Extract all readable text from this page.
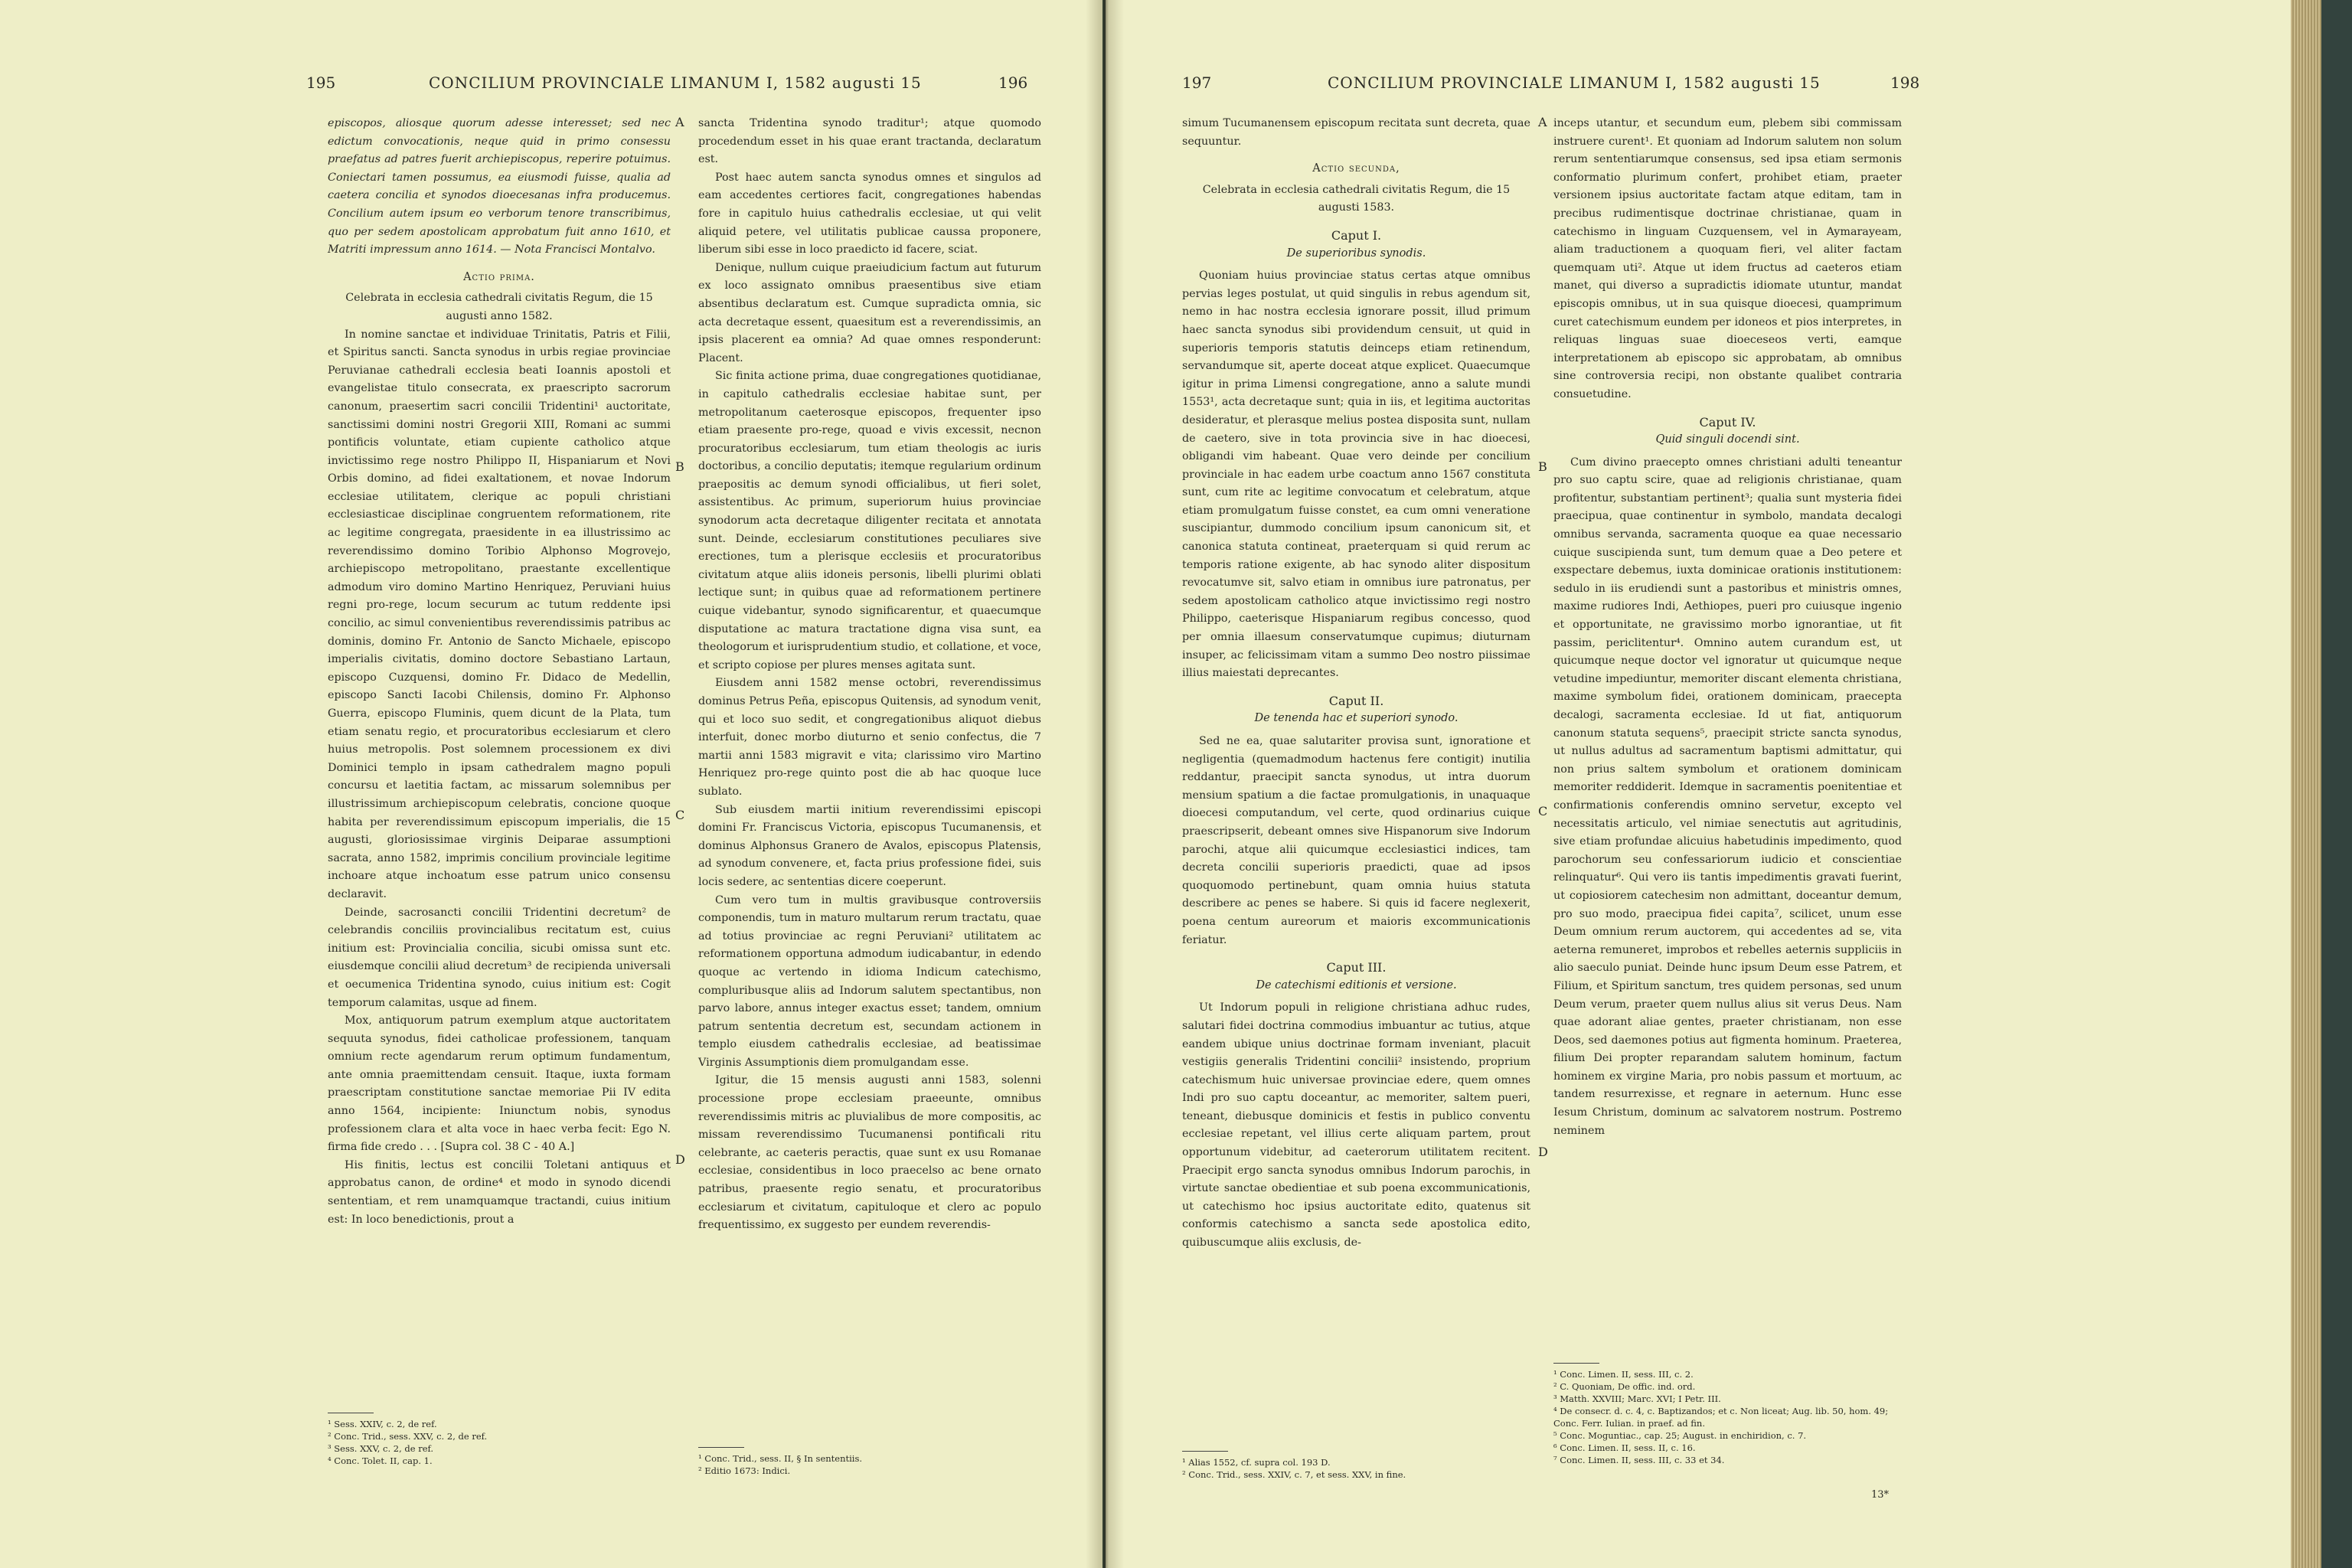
195	CONCILIUM PROVINCIALE LIMANUM I, 1582 augusti 15	196

episcopos, aliosque quorum adesse interesset; sed nec edictum convocationis, neque quid in primo consessu praefatus ad patres fuerit archiepiscopus, reperire potuimus. Coniectari tamen possumus, ea eiusmodi fuisse, qualia ad caetera concilia et synodos dioecesanas infra producemus. Concilium autem ipsum eo verborum tenore transcribimus, quo per sedem apostolicam approbatum fuit anno 1610, et Matriti impressum anno 1614. — Nota Francisci Montalvo.

Actio prima.
Celebrata in ecclesia cathedrali civitatis Regum, die 15 augusti anno 1582.

In nomine sanctae et individuae Trinitatis, Patris et Filii, et Spiritus sancti. Sancta synodus in urbis regiae provinciae Peruvianae cathedrali ecclesia beati Ioannis apostoli et evangelistae titulo consecrata, ex praescripto sacrorum canonum, praesertim sacri concilii Tridentini¹ auctoritate, sanctissimi domini nostri Gregorii XIII, Romani ac summi pontificis voluntate, etiam cupiente catholico atque invictissimo rege nostro Philippo II, Hispaniarum et Novi Orbis domino, ad fidei exaltationem, et novae Indorum ecclesiae utilitatem, clerique ac populi christiani ecclesiasticae disciplinae congruentem reformationem, rite ac legitime congregata, praesidente in ea illustrissimo ac reverendissimo domino Toribio Alphonso Mogrovejo, archiepiscopo metropolitano, praestante excellentique admodum viro domino Martino Henriquez, Peruviani huius regni pro-rege, locum securum ac tutum reddente ipsi concilio, ac simul convenientibus reverendissimis patribus ac dominis, domino Fr. Antonio de Sancto Michaele, episcopo imperialis civitatis, domino doctore Sebastiano Lartaun, episcopo Cuzquensi, domino Fr. Didaco de Medellin, episcopo Sancti Iacobi Chilensis, domino Fr. Alphonso Guerra, episcopo Fluminis, quem dicunt de la Plata, tum etiam senatu regio, et procuratoribus ecclesiarum et clero huius metropolis. Post solemnem processionem ex divi Dominici templo in ipsam cathedralem magno populi concursu et laetitia factam, ac missarum solemnibus per illustrissimum archiepiscopum celebratis, concione quoque habita per reverendissimum episcopum imperialis, die 15 augusti, gloriosissimae virginis Deiparae assumptioni sacrata, anno 1582, imprimis concilium provinciale legitime inchoare atque inchoatum esse patrum unico consensu declaravit.

Deinde, sacrosancti concilii Tridentini decretum² de celebrandis conciliis provincialibus recitatum est, cuius initium est: Provincialia concilia, sicubi omissa sunt etc. eiusdemque concilii aliud decretum³ de recipienda universali et oecumenica Tridentina synodo, cuius initium est: Cogit temporum calamitas, usque ad finem.

Mox, antiquorum patrum exemplum atque auctoritatem sequuta synodus, fidei catholicae professionem, tanquam omnium recte agendarum rerum optimum fundamentum, ante omnia praemittendam censuit. Itaque, iuxta formam praescriptam constitutione sanctae memoriae Pii IV edita anno 1564, incipiente: Iniunctum nobis, synodus professionem clara et alta voce in haec verba fecit: Ego N. firma fide credo . . . [Supra col. 38 C - 40 A.]

His finitis, lectus est concilii Toletani antiquus et approbatus canon, de ordine⁴ et modo in synodo dicendi sententiam, et rem unamquamque tractandi, cuius initium est: In loco benedictionis, prout a

sancta Tridentina synodo traditur¹; atque quomodo procedendum esset in his quae erant tractanda, declaratum est.

Post haec autem sancta synodus omnes et singulos ad eam accedentes certiores facit, congregationes habendas fore in capitulo huius cathedralis ecclesiae, ut qui velit aliquid petere, vel utilitatis publicae caussa proponere, liberum sibi esse in loco praedicto id facere, sciat.

Denique, nullum cuique praeiudicium factum aut futurum ex loco assignato omnibus praesentibus sive etiam absentibus declaratum est. Cumque supradicta omnia, sic acta decretaque essent, quaesitum est a reverendissimis, an ipsis placerent ea omnia? Ad quae omnes responderunt: Placent.

Sic finita actione prima, duae congregationes quotidianae, in capitulo cathedralis ecclesiae habitae sunt, per metropolitanum caeterosque episcopos, frequenter ipso etiam praesente pro-rege, quoad e vivis excessit, necnon procuratoribus ecclesiarum, tum etiam theologis ac iuris doctoribus, a concilio deputatis; itemque regularium ordinum praepositis ac demum synodi officialibus, ut fieri solet, assistentibus. Ac primum, superiorum huius provinciae synodorum acta decretaque diligenter recitata et annotata sunt. Deinde, ecclesiarum constitutiones peculiares sive erectiones, tum a plerisque ecclesiis et procuratoribus civitatum atque aliis idoneis personis, libelli plurimi oblati lectique sunt; in quibus quae ad reformationem pertinere cuique videbantur, synodo significarentur, et quaecumque disputatione ac matura tractatione digna visa sunt, ea theologorum et iurisprudentium studio, et collatione, et voce, et scripto copiose per plures menses agitata sunt.

Eiusdem anni 1582 mense octobri, reverendissimus dominus Petrus Peña, episcopus Quitensis, ad synodum venit, qui et loco suo sedit, et congregationibus aliquot diebus interfuit, donec morbo diuturno et senio confectus, die 7 martii anni 1583 migravit e vita; clarissimo viro Martino Henriquez pro-rege quinto post die ab hac quoque luce sublato.

Sub eiusdem martii initium reverendissimi episcopi domini Fr. Franciscus Victoria, episcopus Tucumanensis, et dominus Alphonsus Granero de Avalos, episcopus Platensis, ad synodum convenere, et, facta prius professione fidei, suis locis sedere, ac sententias dicere coeperunt.

Cum vero tum in multis gravibusque controversiis componendis, tum in maturo multarum rerum tractatu, quae ad totius provinciae ac regni Peruviani² utilitatem ac reformationem opportuna admodum iudicabantur, in edendo quoque ac vertendo in idioma Indicum catechismo, compluribusque aliis ad Indorum salutem spectantibus, non parvo labore, annus integer exactus esset; tandem, omnium patrum sententia decretum est, secundam actionem in templo eiusdem cathedralis ecclesiae, ad beatissimae Virginis Assumptionis diem promulgandam esse.

Igitur, die 15 mensis augusti anni 1583, solenni processione prope ecclesiam praeeunte, omnibus reverendissimis mitris ac pluvialibus de more compositis, ac missam reverendissimo Tucumanensi pontificali ritu celebrante, ac caeteris peractis, quae sunt ex usu Romanae ecclesiae, considentibus in loco praecelso ac bene ornato patribus, praesente regio senatu, et procuratoribus ecclesiarum et civitatum, capituloque et clero ac populo frequentissimo, ex suggesto per eundem reverendis-

A
B
C
D
¹ Sess. XXIV, c. 2, de ref.
² Conc. Trid., sess. XXV, c. 2, de ref.
³ Sess. XXV, c. 2, de ref.
⁴ Conc. Tolet. II, cap. 1.	¹ Conc. Trid., sess. II, § In sententiis.
² Editio 1673: Indici.
197	CONCILIUM PROVINCIALE LIMANUM I, 1582 augusti 15	198

simum Tucumanensem episcopum recitata sunt decreta, quae sequuntur.

Actio secunda,
Celebrata in ecclesia cathedrali civitatis Regum, die 15 augusti 1583.
Caput I.
De superioribus synodis.

Quoniam huius provinciae status certas atque omnibus pervias leges postulat, ut quid singulis in rebus agendum sit, nemo in hac nostra ecclesia ignorare possit, illud primum haec sancta synodus sibi providendum censuit, ut quid in superioris temporis statutis deinceps etiam retinendum, servandumque sit, aperte doceat atque explicet. Quaecumque igitur in prima Limensi congregatione, anno a salute mundi 1553¹, acta decretaque sunt; quia in iis, et legitima auctoritas desideratur, et plerasque melius postea disposita sunt, nullam de caetero, sive in tota provincia sive in hac dioecesi, obligandi vim habeant. Quae vero deinde per concilium provinciale in hac eadem urbe coactum anno 1567 constituta sunt, cum rite ac legitime convocatum et celebratum, atque etiam promulgatum fuisse constet, ea cum omni veneratione suscipiantur, dummodo concilium ipsum canonicum sit, et canonica statuta contineat, praeterquam si quid rerum ac temporis ratione exigente, ab hac synodo aliter dispositum revocatumve sit, salvo etiam in omnibus iure patronatus, per sedem apostolicam catholico atque invictissimo regi nostro Philippo, caeterisque Hispaniarum regibus concesso, quod per omnia illaesum conservatumque cupimus; diuturnam insuper, ac felicissimam vitam a summo Deo nostro piissimae illius maiestati deprecantes.

Caput II.
De tenenda hac et superiori synodo.

Sed ne ea, quae salutariter provisa sunt, ignoratione et negligentia (quemadmodum hactenus fere contigit) inutilia reddantur, praecipit sancta synodus, ut intra duorum mensium spatium a die factae promulgationis, in unaquaque dioecesi computandum, vel certe, quod ordinarius cuique praescripserit, debeant omnes sive Hispanorum sive Indorum parochi, atque alii quicumque ecclesiastici indices, tam decreta concilii superioris praedicti, quae ad ipsos quoquomodo pertinebunt, quam omnia huius statuta describere ac penes se habere. Si quis id facere neglexerit, poena centum aureorum et maioris excommunicationis feriatur.

Caput III.
De catechismi editionis et versione.

Ut Indorum populi in religione christiana adhuc rudes, salutari fidei doctrina commodius imbuantur ac tutius, atque eandem ubique unius doctrinae formam inveniant, placuit vestigiis generalis Tridentini concilii² insistendo, proprium catechismum huic universae provinciae edere, quem omnes Indi pro suo captu doceantur, ac memoriter, saltem pueri, teneant, diebusque dominicis et festis in publico conventu ecclesiae repetant, vel illius certe aliquam partem, prout opportunum videbitur, ad caeterorum utilitatem recitent. Praecipit ergo sancta synodus omnibus Indorum parochis, in virtute sanctae obedientiae et sub poena excommunicationis, ut catechismo hoc ipsius auctoritate edito, quatenus sit conformis catechismo a sancta sede apostolica edito, quibuscumque aliis exclusis, de-

inceps utantur, et secundum eum, plebem sibi commissam instruere curent¹. Et quoniam ad Indorum salutem non solum rerum sententiarumque consensus, sed ipsa etiam sermonis conformatio plurimum confert, prohibet etiam, praeter versionem ipsius auctoritate factam atque editam, tam in precibus rudimentisque doctrinae christianae, quam in catechismo in linguam Cuzquensem, vel in Aymarayeam, aliam traductionem a quoquam fieri, vel aliter factam quemquam uti². Atque ut idem fructus ad caeteros etiam manet, qui diverso a supradictis idiomate utuntur, mandat episcopis omnibus, ut in sua quisque dioecesi, quamprimum curet catechismum eundem per idoneos et pios interpretes, in reliquas linguas suae dioeceseos verti, eamque interpretationem ab episcopo sic approbatam, ab omnibus sine controversia recipi, non obstante qualibet contraria consuetudine.

Caput IV.
Quid singuli docendi sint.

Cum divino praecepto omnes christiani adulti teneantur pro suo captu scire, quae ad religionis christianae, quam profitentur, substantiam pertinent³; qualia sunt mysteria fidei praecipua, quae continentur in symbolo, mandata decalogi omnibus servanda, sacramenta quoque ea quae necessario cuique suscipienda sunt, tum demum quae a Deo petere et exspectare debemus, iuxta dominicae orationis institutionem: sedulo in iis erudiendi sunt a pastoribus et ministris omnes, maxime rudiores Indi, Aethiopes, pueri pro cuiusque ingenio et opportunitate, ne gravissimo morbo ignorantiae, ut fit passim, periclitentur⁴. Omnino autem curandum est, ut quicumque neque doctor vel ignoratur ut quicumque neque vetudine impediuntur, memoriter discant elementa christiana, maxime symbolum fidei, orationem dominicam, praecepta decalogi, sacramenta ecclesiae. Id ut fiat, antiquorum canonum statuta sequens⁵, praecipit stricte sancta synodus, ut nullus adultus ad sacramentum baptismi admittatur, qui non prius saltem symbolum et orationem dominicam memoriter reddiderit. Idemque in sacramentis poenitentiae et confirmationis conferendis omnino servetur, excepto vel necessitatis articulo, vel nimiae senectutis aut agritudinis, sive etiam profundae alicuius habetudinis impedimento, quod parochorum seu confessariorum iudicio et conscientiae relinquatur⁶. Qui vero iis tantis impedimentis gravati fuerint, ut copiosiorem catechesim non admittant, doceantur demum, pro suo modo, praecipua fidei capita⁷, scilicet, unum esse Deum omnium rerum auctorem, qui accedentes ad se, vita aeterna remuneret, improbos et rebelles aeternis suppliciis in alio saeculo puniat. Deinde hunc ipsum Deum esse Patrem, et Filium, et Spiritum sanctum, tres quidem personas, sed unum Deum verum, praeter quem nullus alius sit verus Deus. Nam quae adorant aliae gentes, praeter christianam, non esse Deos, sed daemones potius aut figmenta hominum. Praeterea, filium Dei propter reparandam salutem hominum, factum hominem ex virgine Maria, pro nobis passum et mortuum, ac tandem resurrexisse, et regnare in aeternum. Hunc esse Iesum Christum, dominum ac salvatorem nostrum. Postremo neminem

A
B
C
D
¹ Alias 1552, cf. supra col. 193 D.
² Conc. Trid., sess. XXIV, c. 7, et sess. XXV, in fine.
¹ Conc. Limen. II, sess. III, c. 2.
² C. Quoniam, De offic. ind. ord.
³ Matth. XXVIII; Marc. XVI; I Petr. III.
⁴ De consecr. d. c. 4, c. Baptizandos; et c. Non liceat; Aug. lib. 50, hom. 49; Conc. Ferr. Iulian. in praef. ad fin.
⁵ Conc. Moguntiac., cap. 25; August. in enchiridion, c. 7.
⁶ Conc. Limen. II, sess. II, c. 16.
⁷ Conc. Limen. II, sess. III, c. 33 et 34.
13*
